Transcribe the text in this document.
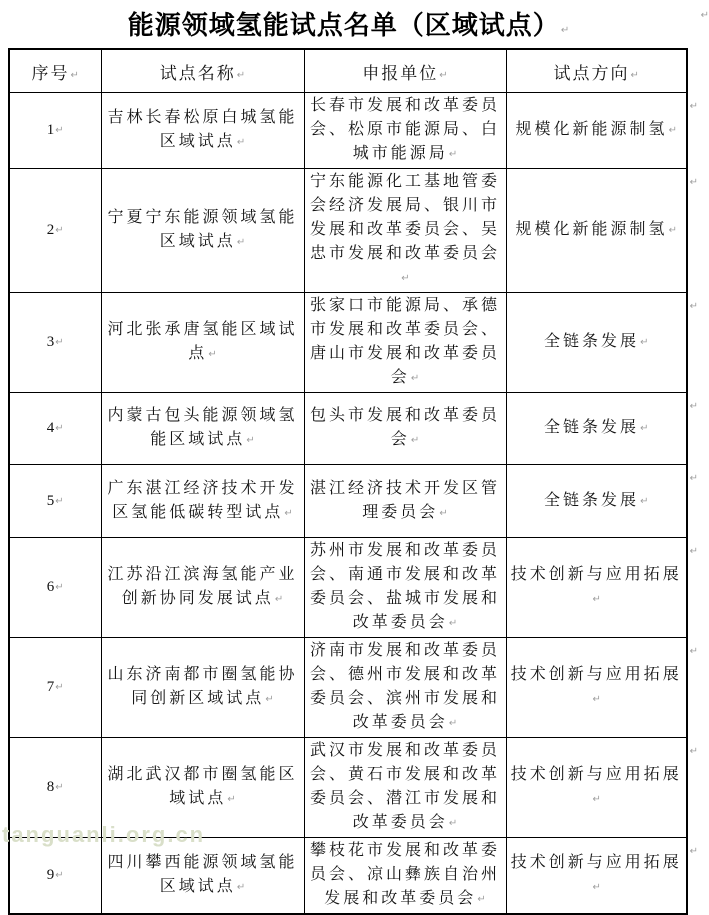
能源领域氢能试点名单（区域试点）↵
序号↵	试点名称↵	申报单位↵	试点方向↵
↵

1↵	吉林长春松原白城氢能区域试点↵	长春市发展和改革委员会、松原市能源局、白城市能源局↵	规模化新能源制氢↵
↵

2↵	宁夏宁东能源领域氢能区域试点↵	宁东能源化工基地管委会经济发展局、银川市发展和改革委员会、吴忠市发展和改革委员会↵	规模化新能源制氢↵
↵

3↵	河北张承唐氢能区域试点↵	张家口市能源局、承德市发展和改革委员会、唐山市发展和改革委员会↵	全链条发展↵
↵

4↵	内蒙古包头能源领域氢能区域试点↵	包头市发展和改革委员会↵	全链条发展↵
↵

5↵	广东湛江经济技术开发区氢能低碳转型试点↵	湛江经济技术开发区管理委员会↵	全链条发展↵
↵

6↵	江苏沿江滨海氢能产业创新协同发展试点↵	苏州市发展和改革委员会、南通市发展和改革委员会、盐城市发展和改革委员会↵	技术创新与应用拓展↵
↵

7↵	山东济南都市圈氢能协同创新区域试点↵	济南市发展和改革委员会、德州市发展和改革委员会、滨州市发展和改革委员会↵	技术创新与应用拓展↵
↵

8↵	湖北武汉都市圈氢能区域试点↵	武汉市发展和改革委员会、黄石市发展和改革委员会、潜江市发展和改革委员会↵	技术创新与应用拓展↵
↵

9↵	四川攀西能源领域氢能区域试点↵	攀枝花市发展和改革委员会、凉山彝族自治州发展和改革委员会↵	技术创新与应用拓展↵
↵
tanguanli.org.cn
